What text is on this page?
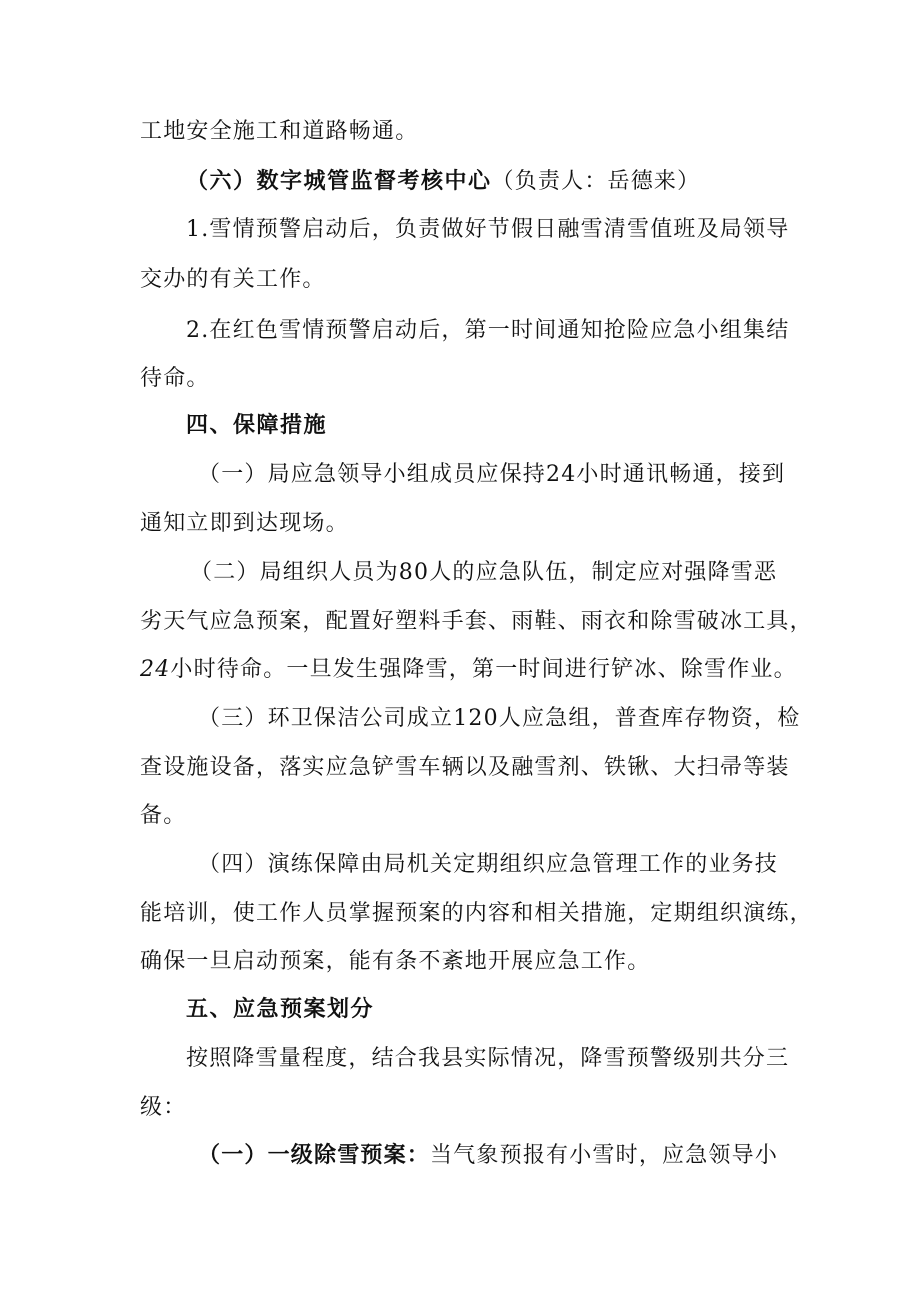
工地安全施工和道路畅通。
（六）数字城管监督考核中心（负责人：岳德来）
1.雪情预警启动后，负责做好节假日融雪清雪值班及局领导
交办的有关工作。
2.在红色雪情预警启动后，第一时间通知抢险应急小组集结
待命。
四、保障措施
（一）局应急领导小组成员应保持24小时通讯畅通，接到
通知立即到达现场。
（二）局组织人员为80人的应急队伍，制定应对强降雪恶
劣天气应急预案，配置好塑料手套、雨鞋、雨衣和除雪破冰工具，
24小时待命。一旦发生强降雪，第一时间进行铲冰、除雪作业。
（三）环卫保洁公司成立120人应急组，普查库存物资，检
查设施设备，落实应急铲雪车辆以及融雪剂、铁锹、大扫帚等装
备。
（四）演练保障由局机关定期组织应急管理工作的业务技
能培训，使工作人员掌握预案的内容和相关措施，定期组织演练，
确保一旦启动预案，能有条不紊地开展应急工作。
五、应急预案划分
按照降雪量程度，结合我县实际情况，降雪预警级别共分三
级：
（一）一级除雪预案：当气象预报有小雪时，应急领导小
